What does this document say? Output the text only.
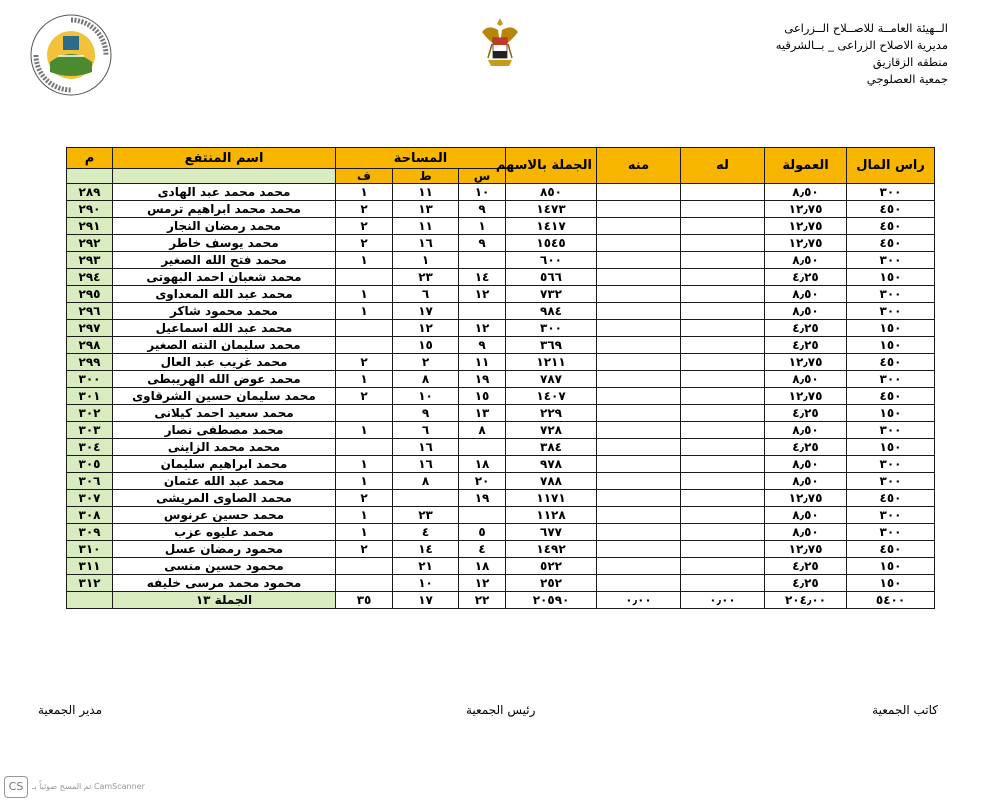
الــهيئة العامــة للاصــلاح الــزراعى
مديرية الاصلاح الزراعى _ بــالشرقيه
منطقه الزقازيق
جمعية العصلوجي
راس المال	العمولة	له	منه	الجملة بالاسهم	المساحة			اسم المنتفع	م
					س	ط	ف		
٣٠٠	٨٫٥٠			٨٥٠	١٠	١١	١	محمد محمد عبد الهادى	٢٨٩
٤٥٠	١٢٫٧٥			١٤٧٣	٩	١٣	٢	محمد محمد ابراهيم ترمس	٢٩٠
٤٥٠	١٢٫٧٥			١٤١٧	١	١١	٢	محمد رمضان النجار	٢٩١
٤٥٠	١٢٫٧٥			١٥٤٥	٩	١٦	٢	محمد يوسف خاطر	٢٩٢
٣٠٠	٨٫٥٠			٦٠٠		١	١	محمد فتح الله الصغير	٢٩٣
١٥٠	٤٫٢٥			٥٦٦	١٤	٢٣		محمد شعبان احمد البهوتى	٢٩٤
٣٠٠	٨٫٥٠			٧٣٢	١٢	٦	١	محمد عبد الله المعداوى	٢٩٥
٣٠٠	٨٫٥٠			٩٨٤		١٧	١	محمد محمود شاكر	٢٩٦
١٥٠	٤٫٢٥			٣٠٠	١٢	١٢		محمد عبد الله اسماعيل	٢٩٧
١٥٠	٤٫٢٥			٣٦٩	٩	١٥		محمد سليمان النته الصغير	٢٩٨
٤٥٠	١٢٫٧٥			١٢١١	١١	٢	٢	محمد غريب عبد العال	٢٩٩
٣٠٠	٨٫٥٠			٧٨٧	١٩	٨	١	محمد عوض الله الهريبطى	٣٠٠
٤٥٠	١٢٫٧٥			١٤٠٧	١٥	١٠	٢	محمد سليمان حسين الشرقاوى	٣٠١
١٥٠	٤٫٢٥			٢٢٩	١٣	٩		محمد سعيد احمد كيلانى	٣٠٢
٣٠٠	٨٫٥٠			٧٢٨	٨	٦	١	محمد مصطفى نصار	٣٠٣
١٥٠	٤٫٢٥			٣٨٤		١٦		محمد محمد الزاينى	٣٠٤
٣٠٠	٨٫٥٠			٩٧٨	١٨	١٦	١	محمد ابراهيم سليمان	٣٠٥
٣٠٠	٨٫٥٠			٧٨٨	٢٠	٨	١	محمد عبد الله عثمان	٣٠٦
٤٥٠	١٢٫٧٥			١١٧١	١٩		٢	محمد الصاوى المريشى	٣٠٧
٣٠٠	٨٫٥٠			١١٢٨		٢٣	١	محمد حسين عرنوس	٣٠٨
٣٠٠	٨٫٥٠			٦٧٧	٥	٤	١	محمد عليوه عزب	٣٠٩
٤٥٠	١٢٫٧٥			١٤٩٢	٤	١٤	٢	محمود رمضان عسل	٣١٠
١٥٠	٤٫٢٥			٥٢٢	١٨	٢١		محمود حسين منسى	٣١١
١٥٠	٤٫٢٥			٢٥٢	١٢	١٠		محمود محمد مرسى خليفه	٣١٢
٥٤٠٠	٢٠٤٫٠٠	٠٫٠٠	٠٫٠٠	٢٠٥٩٠	٢٢	١٧	٣٥	الجملة ١٣	
كاتب الجمعية
رئيس الجمعية
مدير الجمعية
CS	تم المسح ضوئياً بـ CamScanner
